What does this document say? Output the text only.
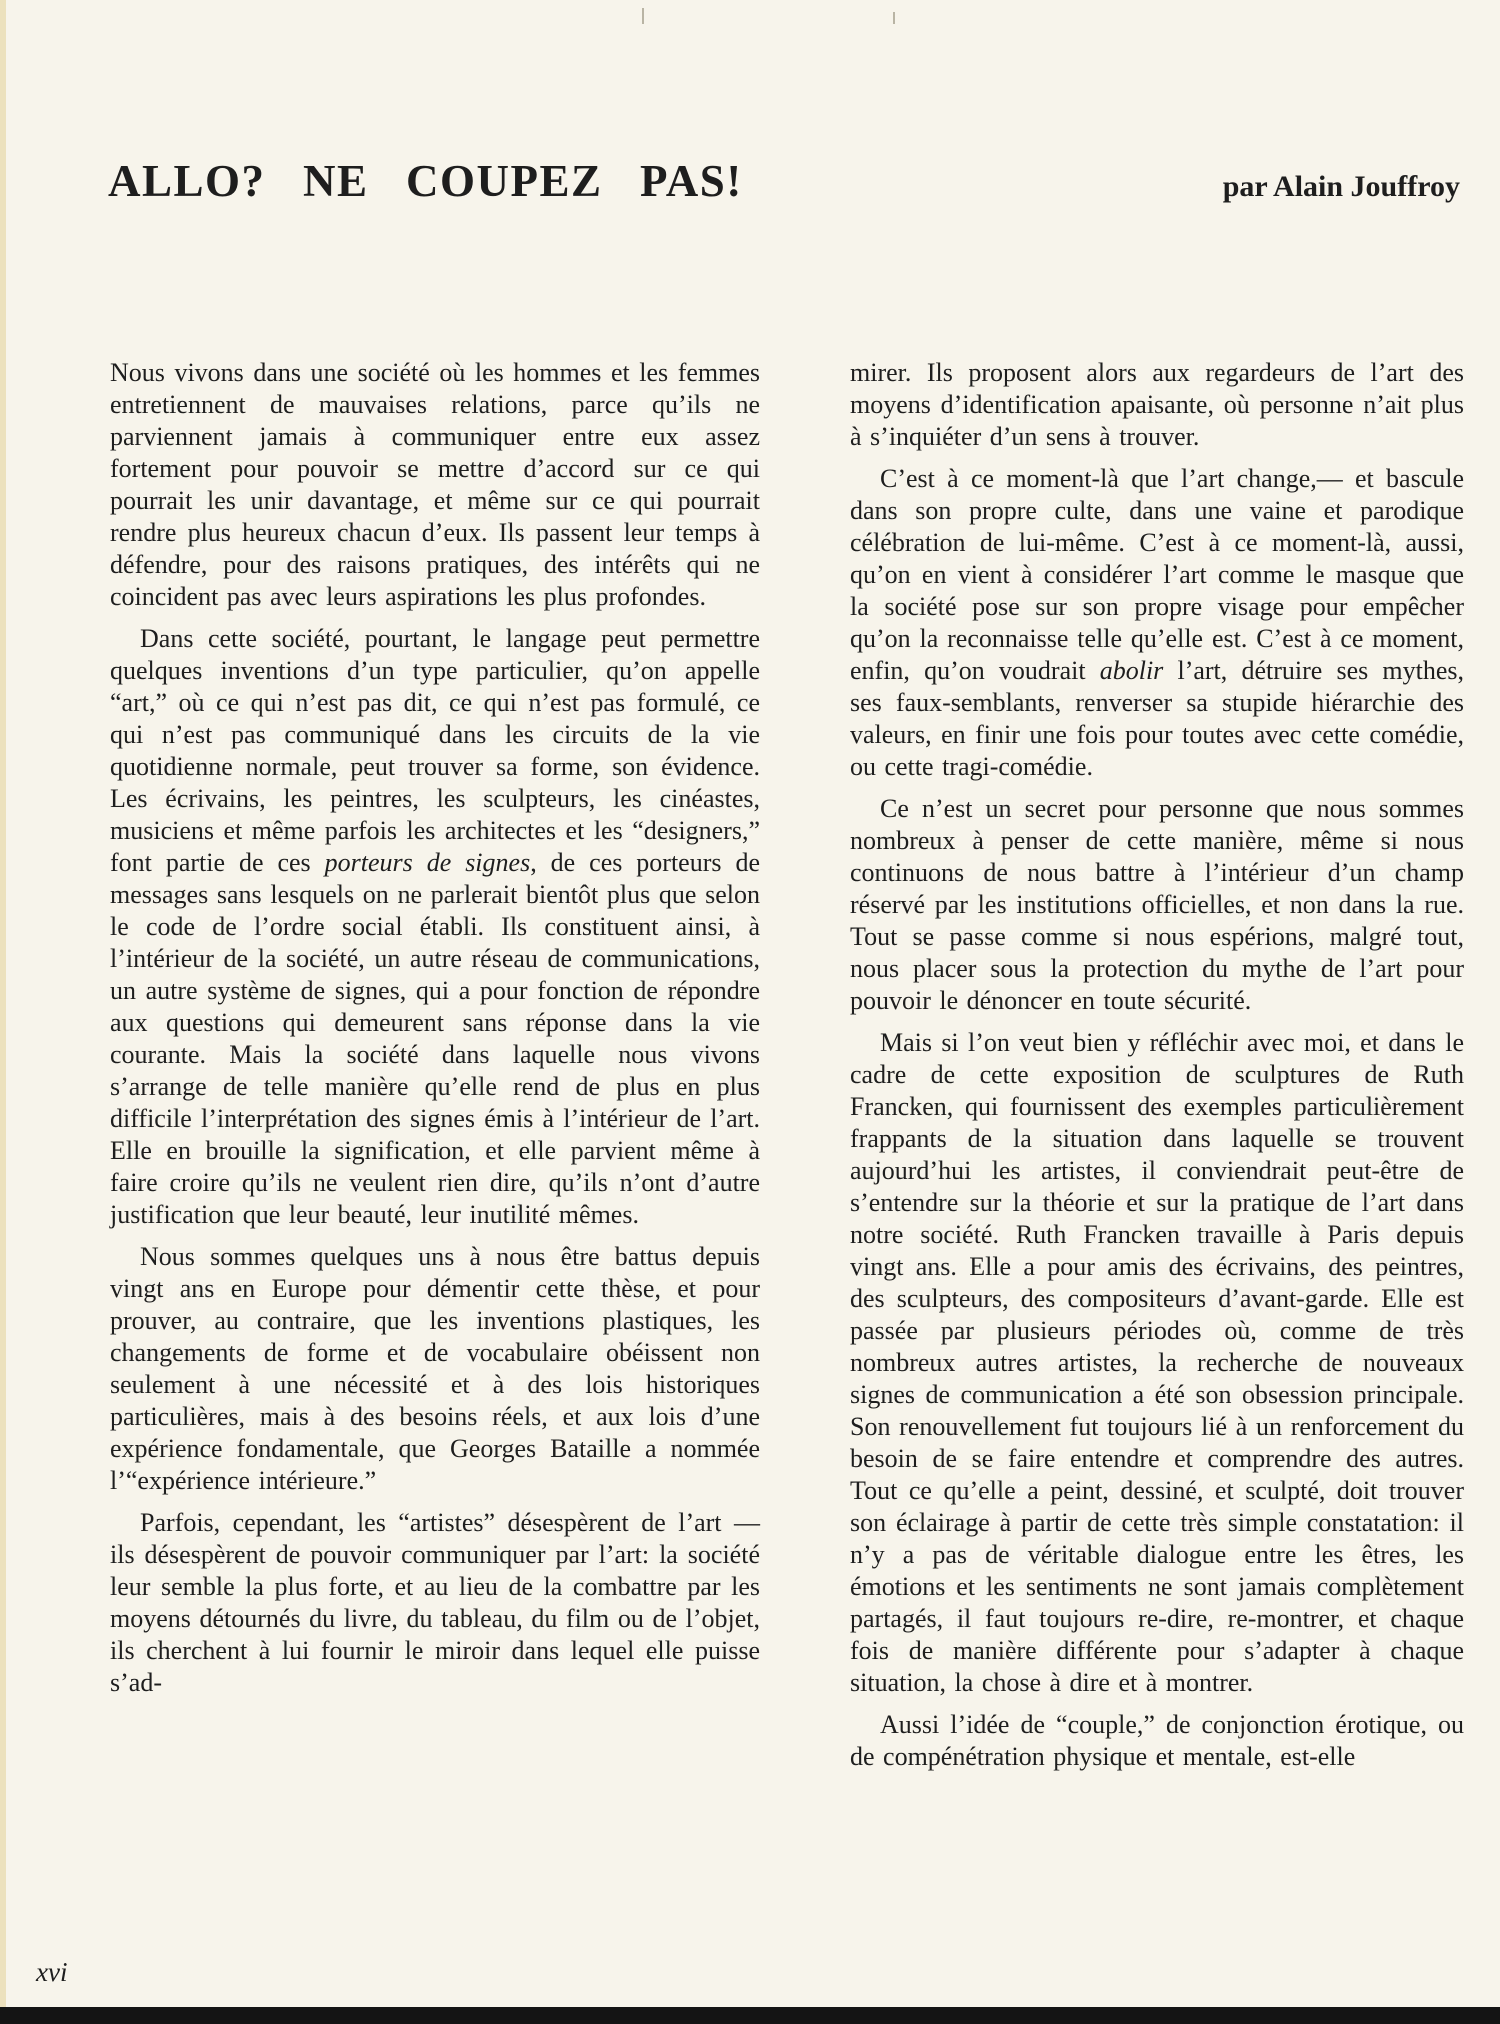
ALLO? NE COUPEZ PAS!	par Alain Jouffroy

Nous vivons dans une société où les hommes et les femmes entretiennent de mauvaises relations, parce qu’ils ne parviennent jamais à communiquer entre eux assez fortement pour pouvoir se mettre d’accord sur ce qui pourrait les unir davantage, et même sur ce qui pourrait rendre plus heureux chacun d’eux. Ils passent leur temps à défendre, pour des raisons pratiques, des intérêts qui ne coincident pas avec leurs aspirations les plus profondes.

Dans cette société, pourtant, le langage peut permettre quelques inventions d’un type particulier, qu’on appelle “art,” où ce qui n’est pas dit, ce qui n’est pas formulé, ce qui n’est pas communiqué dans les circuits de la vie quotidienne normale, peut trouver sa forme, son évidence. Les écrivains, les peintres, les sculpteurs, les cinéastes, musiciens et même parfois les architectes et les “designers,” font partie de ces porteurs de signes, de ces porteurs de messages sans lesquels on ne parlerait bientôt plus que selon le code de l’ordre social établi. Ils constituent ainsi, à l’intérieur de la société, un autre réseau de communications, un autre système de signes, qui a pour fonction de répondre aux questions qui demeurent sans réponse dans la vie courante. Mais la société dans laquelle nous vivons s’arrange de telle manière qu’elle rend de plus en plus difficile l’interprétation des signes émis à l’intérieur de l’art. Elle en brouille la signification, et elle parvient même à faire croire qu’ils ne veulent rien dire, qu’ils n’ont d’autre justification que leur beauté, leur inutilité mêmes.

Nous sommes quelques uns à nous être battus depuis vingt ans en Europe pour démentir cette thèse, et pour prouver, au contraire, que les inventions plastiques, les changements de forme et de vocabulaire obéissent non seulement à une nécessité et à des lois historiques particulières, mais à des besoins réels, et aux lois d’une expérience fondamentale, que Georges Bataille a nommée l’“expérience intérieure.”

Parfois, cependant, les “artistes” désespèrent de l’art — ils désespèrent de pouvoir communiquer par l’art: la société leur semble la plus forte, et au lieu de la combattre par les moyens détournés du livre, du tableau, du film ou de l’objet, ils cherchent à lui fournir le miroir dans lequel elle puisse s’ad-

mirer. Ils proposent alors aux regardeurs de l’art des moyens d’identification apaisante, où personne n’ait plus à s’inquiéter d’un sens à trouver.

C’est à ce moment-là que l’art change,— et bascule dans son propre culte, dans une vaine et parodique célébration de lui-même. C’est à ce moment-là, aussi, qu’on en vient à considérer l’art comme le masque que la société pose sur son propre visage pour empêcher qu’on la reconnaisse telle qu’elle est. C’est à ce moment, enfin, qu’on voudrait abolir l’art, détruire ses mythes, ses faux-semblants, renverser sa stupide hiérarchie des valeurs, en finir une fois pour toutes avec cette comédie, ou cette tragi-comédie.

Ce n’est un secret pour personne que nous sommes nombreux à penser de cette manière, même si nous continuons de nous battre à l’intérieur d’un champ réservé par les institutions officielles, et non dans la rue. Tout se passe comme si nous espérions, malgré tout, nous placer sous la protection du mythe de l’art pour pouvoir le dénoncer en toute sécurité.

Mais si l’on veut bien y réfléchir avec moi, et dans le cadre de cette exposition de sculptures de Ruth Francken, qui fournissent des exemples particulièrement frappants de la situation dans laquelle se trouvent aujourd’hui les artistes, il conviendrait peut-être de s’entendre sur la théorie et sur la pratique de l’art dans notre société. Ruth Francken travaille à Paris depuis vingt ans. Elle a pour amis des écrivains, des peintres, des sculpteurs, des compositeurs d’avant-garde. Elle est passée par plusieurs périodes où, comme de très nombreux autres artistes, la recherche de nouveaux signes de communication a été son obsession principale. Son renouvellement fut toujours lié à un renforcement du besoin de se faire entendre et comprendre des autres. Tout ce qu’elle a peint, dessiné, et sculpté, doit trouver son éclairage à partir de cette très simple constatation: il n’y a pas de véritable dialogue entre les êtres, les émotions et les sentiments ne sont jamais complètement partagés, il faut toujours re-dire, re-montrer, et chaque fois de manière différente pour s’adapter à chaque situation, la chose à dire et à montrer.

Aussi l’idée de “couple,” de conjonction érotique, ou de compénétration physique et mentale, est-elle

xvi
